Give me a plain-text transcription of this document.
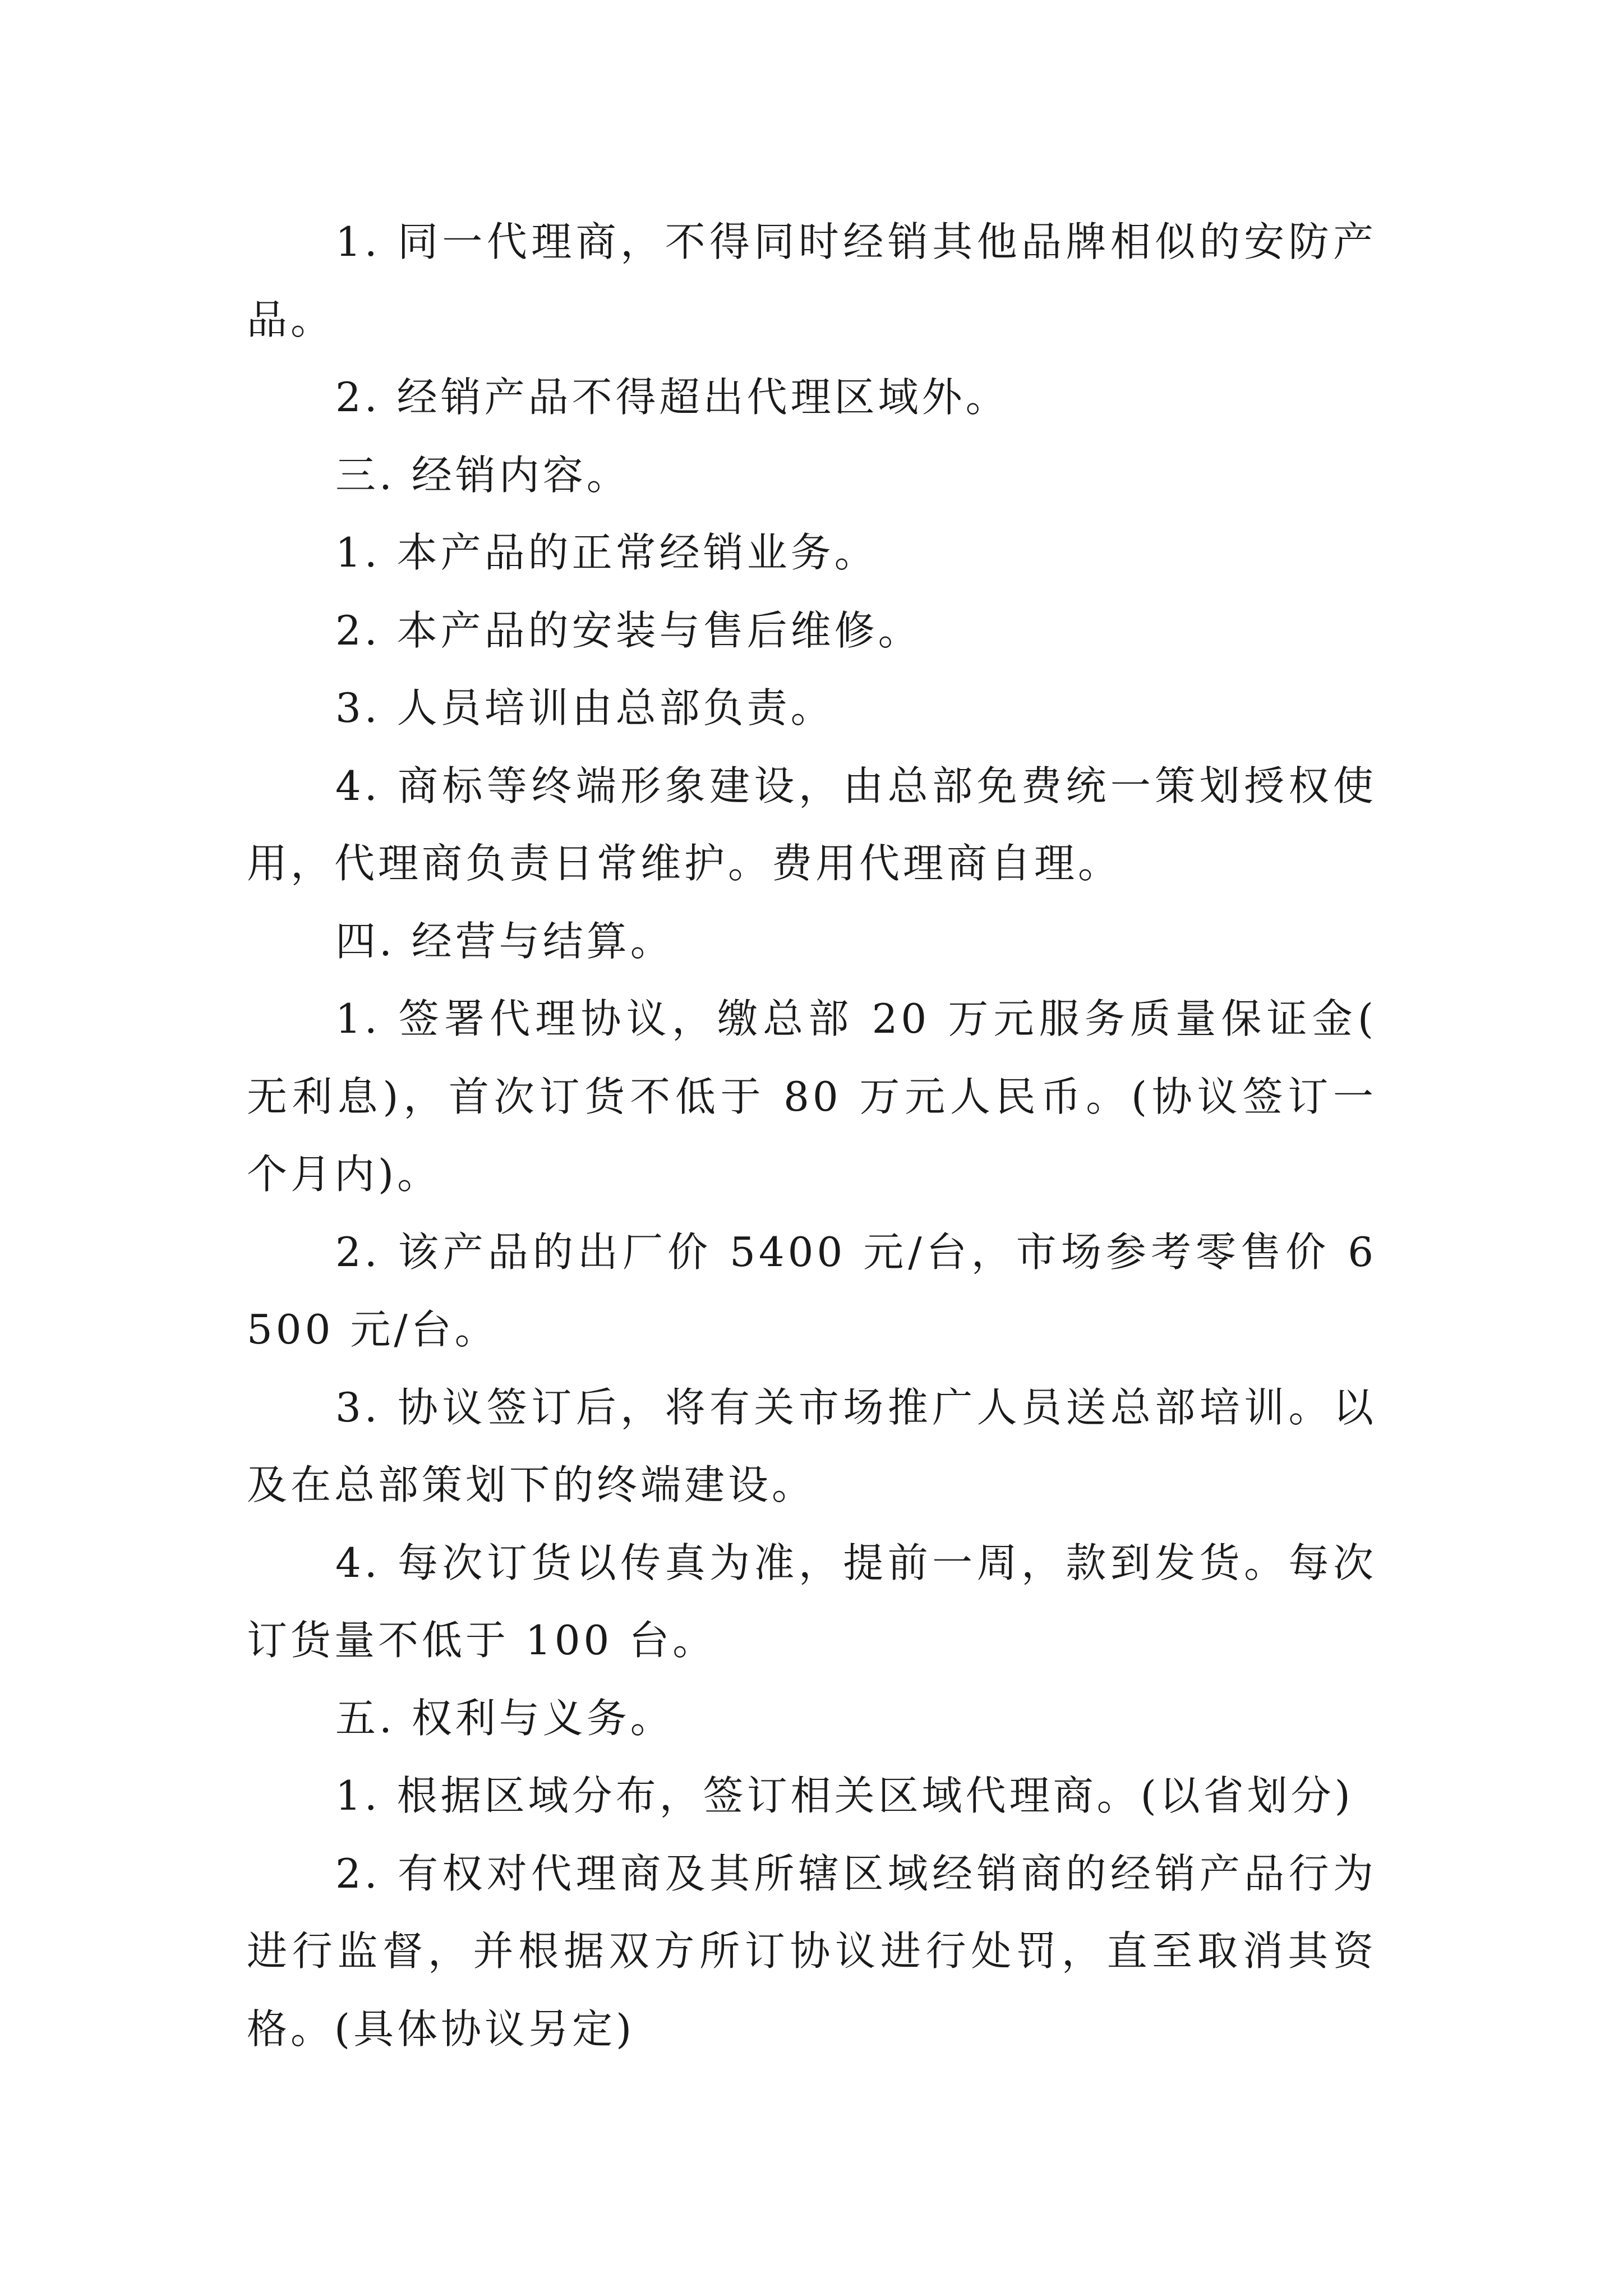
1. 同一代理商，不得同时经销其他品牌相似的安防产品。

2. 经销产品不得超出代理区域外。

三. 经销内容。

1. 本产品的正常经销业务。

2. 本产品的安装与售后维修。

3. 人员培训由总部负责。

4. 商标等终端形象建设，由总部免费统一策划授权使用，代理商负责日常维护。费用代理商自理。

四. 经营与结算。

1. 签署代理协议，缴总部 20 万元服务质量保证金(无利息)，首次订货不低于 80 万元人民币。(协议签订一个月内)。

2. 该产品的出厂价 5400 元/台，市场参考零售价 6500 元/台。

3. 协议签订后，将有关市场推广人员送总部培训。以及在总部策划下的终端建设。

4. 每次订货以传真为准，提前一周，款到发货。每次订货量不低于 100 台。

五. 权利与义务。

1. 根据区域分布，签订相关区域代理商。(以省划分)

2. 有权对代理商及其所辖区域经销商的经销产品行为进行监督，并根据双方所订协议进行处罚，直至取消其资格。(具体协议另定)
